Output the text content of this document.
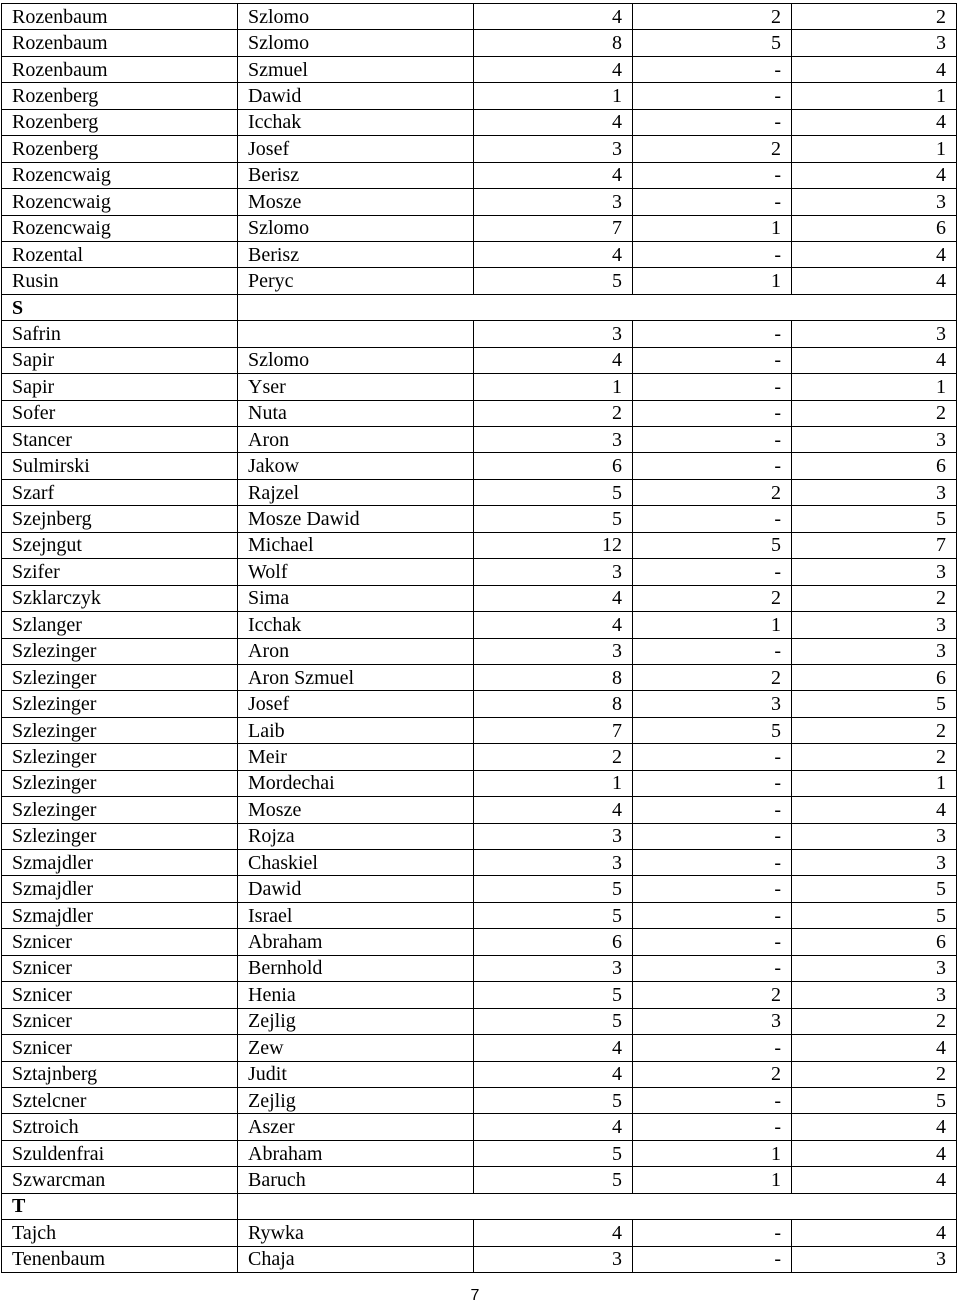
Rozenbaum	Szlomo	4	2	2
Rozenbaum	Szlomo	8	5	3
Rozenbaum	Szmuel	4	-	4
Rozenberg	Dawid	1	-	1
Rozenberg	Icchak	4	-	4
Rozenberg	Josef	3	2	1
Rozencwaig	Berisz	4	-	4
Rozencwaig	Mosze	3	-	3
Rozencwaig	Szlomo	7	1	6
Rozental	Berisz	4	-	4
Rusin	Peryc	5	1	4
S				
Safrin		3	-	3
Sapir	Szlomo	4	-	4
Sapir	Yser	1	-	1
Sofer	Nuta	2	-	2
Stancer	Aron	3	-	3
Sulmirski	Jakow	6	-	6
Szarf	Rajzel	5	2	3
Szejnberg	Mosze Dawid	5	-	5
Szejngut	Michael	12	5	7
Szifer	Wolf	3	-	3
Szklarczyk	Sima	4	2	2
Szlanger	Icchak	4	1	3
Szlezinger	Aron	3	-	3
Szlezinger	Aron Szmuel	8	2	6
Szlezinger	Josef	8	3	5
Szlezinger	Laib	7	5	2
Szlezinger	Meir	2	-	2
Szlezinger	Mordechai	1	-	1
Szlezinger	Mosze	4	-	4
Szlezinger	Rojza	3	-	3
Szmajdler	Chaskiel	3	-	3
Szmajdler	Dawid	5	-	5
Szmajdler	Israel	5	-	5
Sznicer	Abraham	6	-	6
Sznicer	Bernhold	3	-	3
Sznicer	Henia	5	2	3
Sznicer	Zejlig	5	3	2
Sznicer	Zew	4	-	4
Sztajnberg	Judit	4	2	2
Sztelcner	Zejlig	5	-	5
Sztroich	Aszer	4	-	4
Szuldenfrai	Abraham	5	1	4
Szwarcman	Baruch	5	1	4
T				
Tajch	Rywka	4	-	4
Tenenbaum	Chaja	3	-	3
7
